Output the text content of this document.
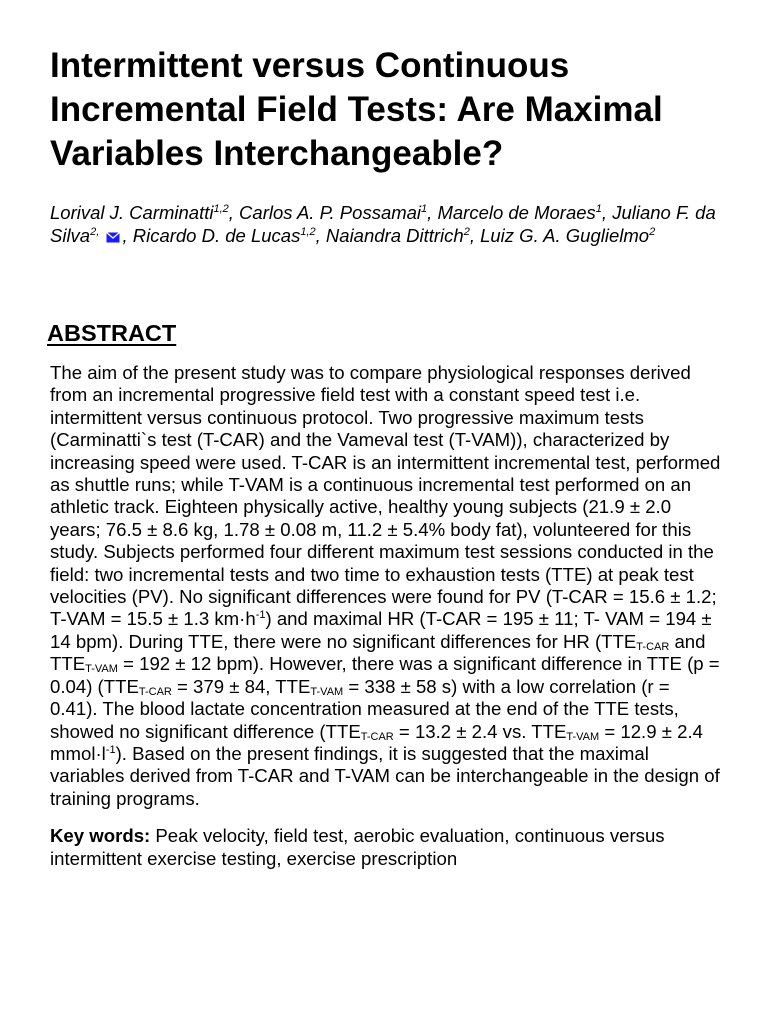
Intermittent versus Continuous Incremental Field Tests: Are Maximal Variables Interchangeable?
Lorival J. Carminatti$^{1,2}$, Carlos A. P. Possamai$^1$, Marcelo de Moraes$^1$, Juliano F. da Silva$^{2,}$ , Ricardo D. de Lucas$^{1,2}$, Naiandra Dittrich$^2$, Luiz G. A. Guglielmo$^2$
ABSTRACT
The aim of the present study was to compare physiological responses derived from an incremental progressive field test with a constant speed test i.e. intermittent versus continuous protocol. Two progressive maximum tests (Carminatti`s test (T-CAR) and the Vameval test (T-VAM)), characterized by increasing speed were used. T-CAR is an intermittent incremental test, performed as shuttle runs; while T-VAM is a continuous incremental test performed on an athletic track. Eighteen physically active, healthy young subjects (21.9 ± 2.0 years; 76.5 ± 8.6 kg, 1.78 ± 0.08 m, 11.2 ± 5.4% body fat), volunteered for this study. Subjects performed four different maximum test sessions conducted in the field: two incremental tests and two time to exhaustion tests (TTE) at peak test velocities (PV). No significant differences were found for PV (T-CAR = 15.6 ± 1.2; T-VAM = 15.5 ± 1.3 $km\cdot h^{-1}$) and maximal HR (T-CAR = 195 ± 11; T- VAM = 194 ± 14 bpm). During TTE, there were no significant differences for HR ($TTE_{T-CAR}$ and $TTE_{T-VAM} = 192 \pm 12$ bpm). However, there was a significant difference in TTE (p = 0.04) ($TTE_{T-CAR} = 379 \pm 84$, $TTE_{T-VAM} = 338 \pm 58$ s) with a low correlation (r = 0.41). The blood lactate concentration measured at the end of the TTE tests, showed no significant difference ($TTE_{T-CAR} = 13.2 \pm 2.4$ vs. $TTE_{T-VAM} = 12.9 \pm 2.4$ $mmol\cdot l^{-1}$). Based on the present findings, it is suggested that the maximal variables derived from T-CAR and T-VAM can be interchangeable in the design of training programs.
Key words: Peak velocity, field test, aerobic evaluation, continuous versus intermittent exercise testing, exercise prescription
